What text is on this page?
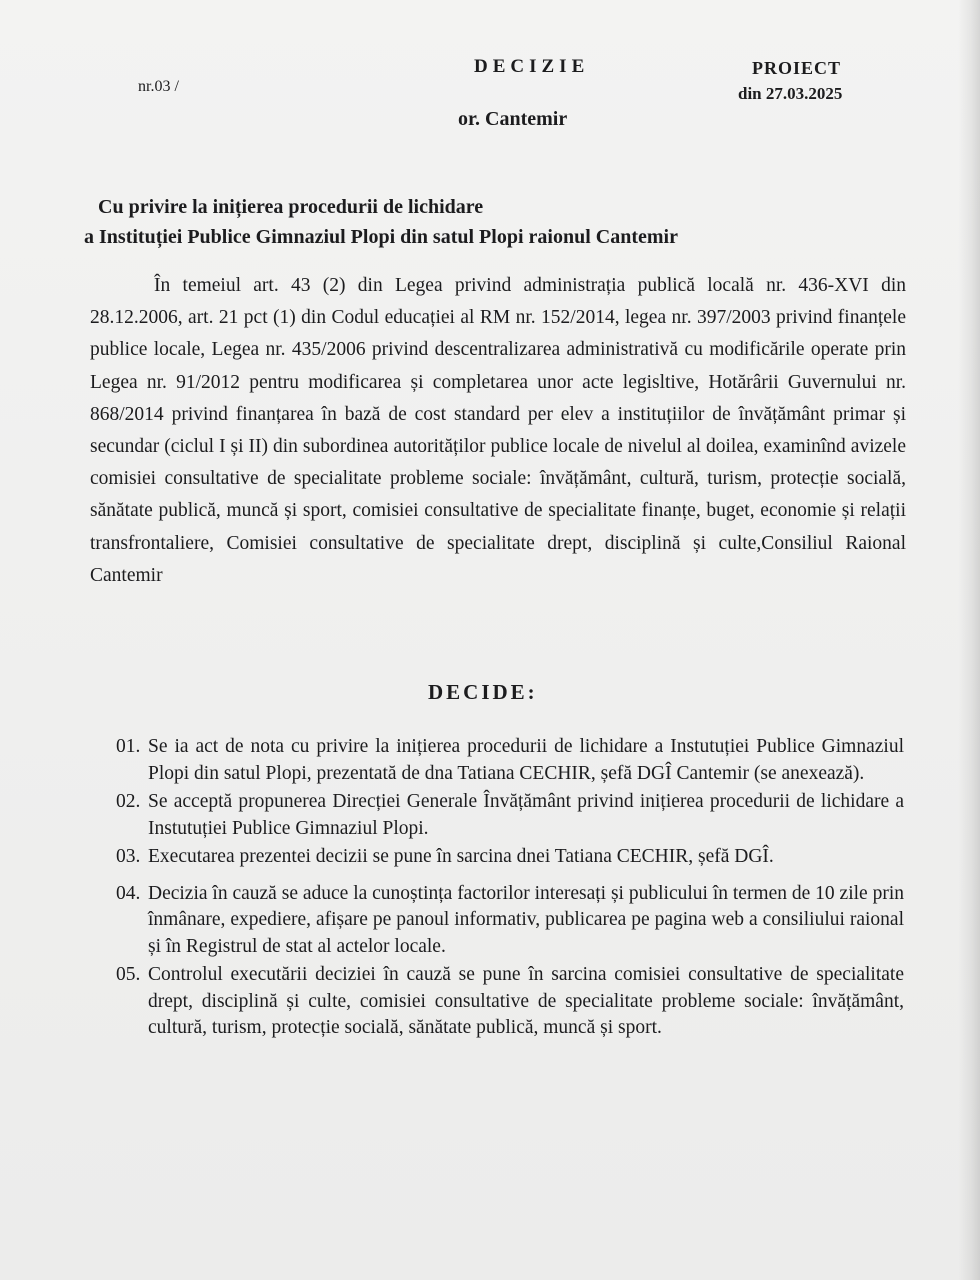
DECIZIE
nr.03 /
PROIECT
din 27.03.2025
or. Cantemir
Cu privire la inițierea procedurii de lichidare
a Instituției Publice Gimnaziul Plopi din satul Plopi raionul Cantemir
În temeiul art. 43 (2) din Legea privind administrația publică locală nr. 436-XVI din 28.12.2006, art. 21 pct (1) din Codul educației al RM nr. 152/2014, legea nr. 397/2003 privind finanțele publice locale, Legea nr. 435/2006 privind descentralizarea administrativă cu modificările operate prin Legea nr. 91/2012 pentru modificarea și completarea unor acte legisltive, Hotărârii Guvernului nr. 868/2014 privind finanțarea în bază de cost standard per elev a instituțiilor de învățământ primar și secundar (ciclul I și II) din subordinea autorităților publice locale de nivelul al doilea, examinînd avizele comisiei consultative de specialitate probleme sociale: învățământ, cultură, turism, protecție socială, sănătate publică, muncă și sport, comisiei consultative de specialitate finanțe, buget, economie și relații transfrontaliere, Comisiei consultative de specialitate drept, disciplină și culte,Consiliul Raional Cantemir
DECIDE:
01. Se ia act de nota cu privire la inițierea procedurii de lichidare a Instutuției Publice Gimnaziul Plopi din satul Plopi, prezentată de dna Tatiana CECHIR, șefă DGÎ Cantemir (se anexează).
02. Se acceptă propunerea Direcției Generale Învățământ privind inițierea procedurii de lichidare a Instutuției Publice Gimnaziul Plopi.
03. Executarea prezentei decizii se pune în sarcina dnei Tatiana CECHIR, șefă DGÎ.
04. Decizia în cauză se aduce la cunoștința factorilor interesați și publicului în termen de 10 zile prin înmânare, expediere, afișare pe panoul informativ, publicarea pe pagina web a consiliului raional și în Registrul de stat al actelor locale.
05. Controlul executării deciziei în cauză se pune în sarcina comisiei consultative de specialitate drept, disciplină și culte, comisiei consultative de specialitate probleme sociale: învățământ, cultură, turism, protecție socială, sănătate publică, muncă și sport.
